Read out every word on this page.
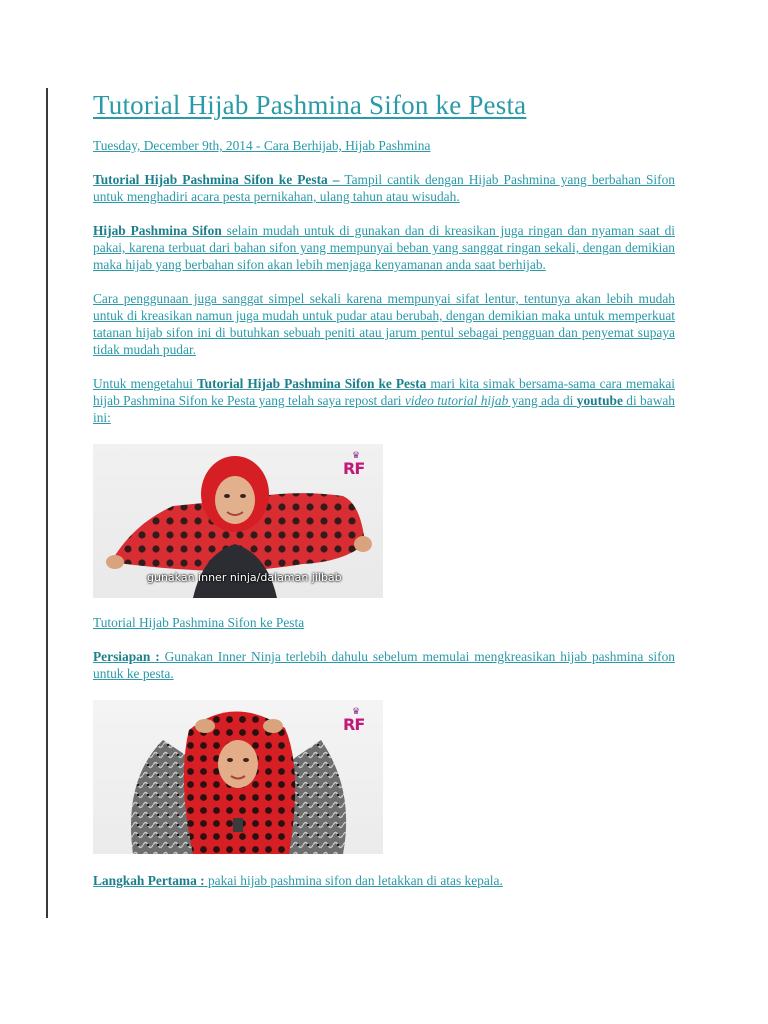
Tutorial Hijab Pashmina Sifon ke Pesta
Tuesday, December 9th, 2014 - Cara Berhijab, Hijab Pashmina

Tutorial Hijab Pashmina Sifon ke Pesta – Tampil cantik dengan Hijab Pashmina yang berbahan Sifon untuk menghadiri acara pesta pernikahan, ulang tahun atau wisudah.

Hijab Pashmina Sifon selain mudah untuk di gunakan dan di kreasikan juga ringan dan nyaman saat di pakai, karena terbuat dari bahan sifon yang mempunyai beban yang sanggat ringan sekali, dengan demikian maka hijab yang berbahan sifon akan lebih menjaga kenyamanan anda saat berhijab.

Cara penggunaan juga sanggat simpel sekali karena mempunyai sifat lentur, tentunya akan lebih mudah untuk di kreasikan namun juga mudah untuk pudar atau berubah, dengan demikian maka untuk memperkuat tatanan hijab sifon ini di butuhkan sebuah peniti atau jarum pentul sebagai pengguan dan penyemat supaya tidak mudah pudar.

Untuk mengetahui Tutorial Hijab Pashmina Sifon ke Pesta mari kita simak bersama-sama cara memakai hijab Pashmina Sifon ke Pesta yang telah saya repost dari video tutorial hijab yang ada di youtube di bawah ini:

♛
RF
gunakan inner ninja/dalaman jilbab
Tutorial Hijab Pashmina Sifon ke Pesta

Persiapan : Gunakan Inner Ninja terlebih dahulu sebelum memulai mengkreasikan hijab pashmina sifon untuk ke pesta.

♛
RF

Langkah Pertama : pakai hijab pashmina sifon dan letakkan di atas kepala.
